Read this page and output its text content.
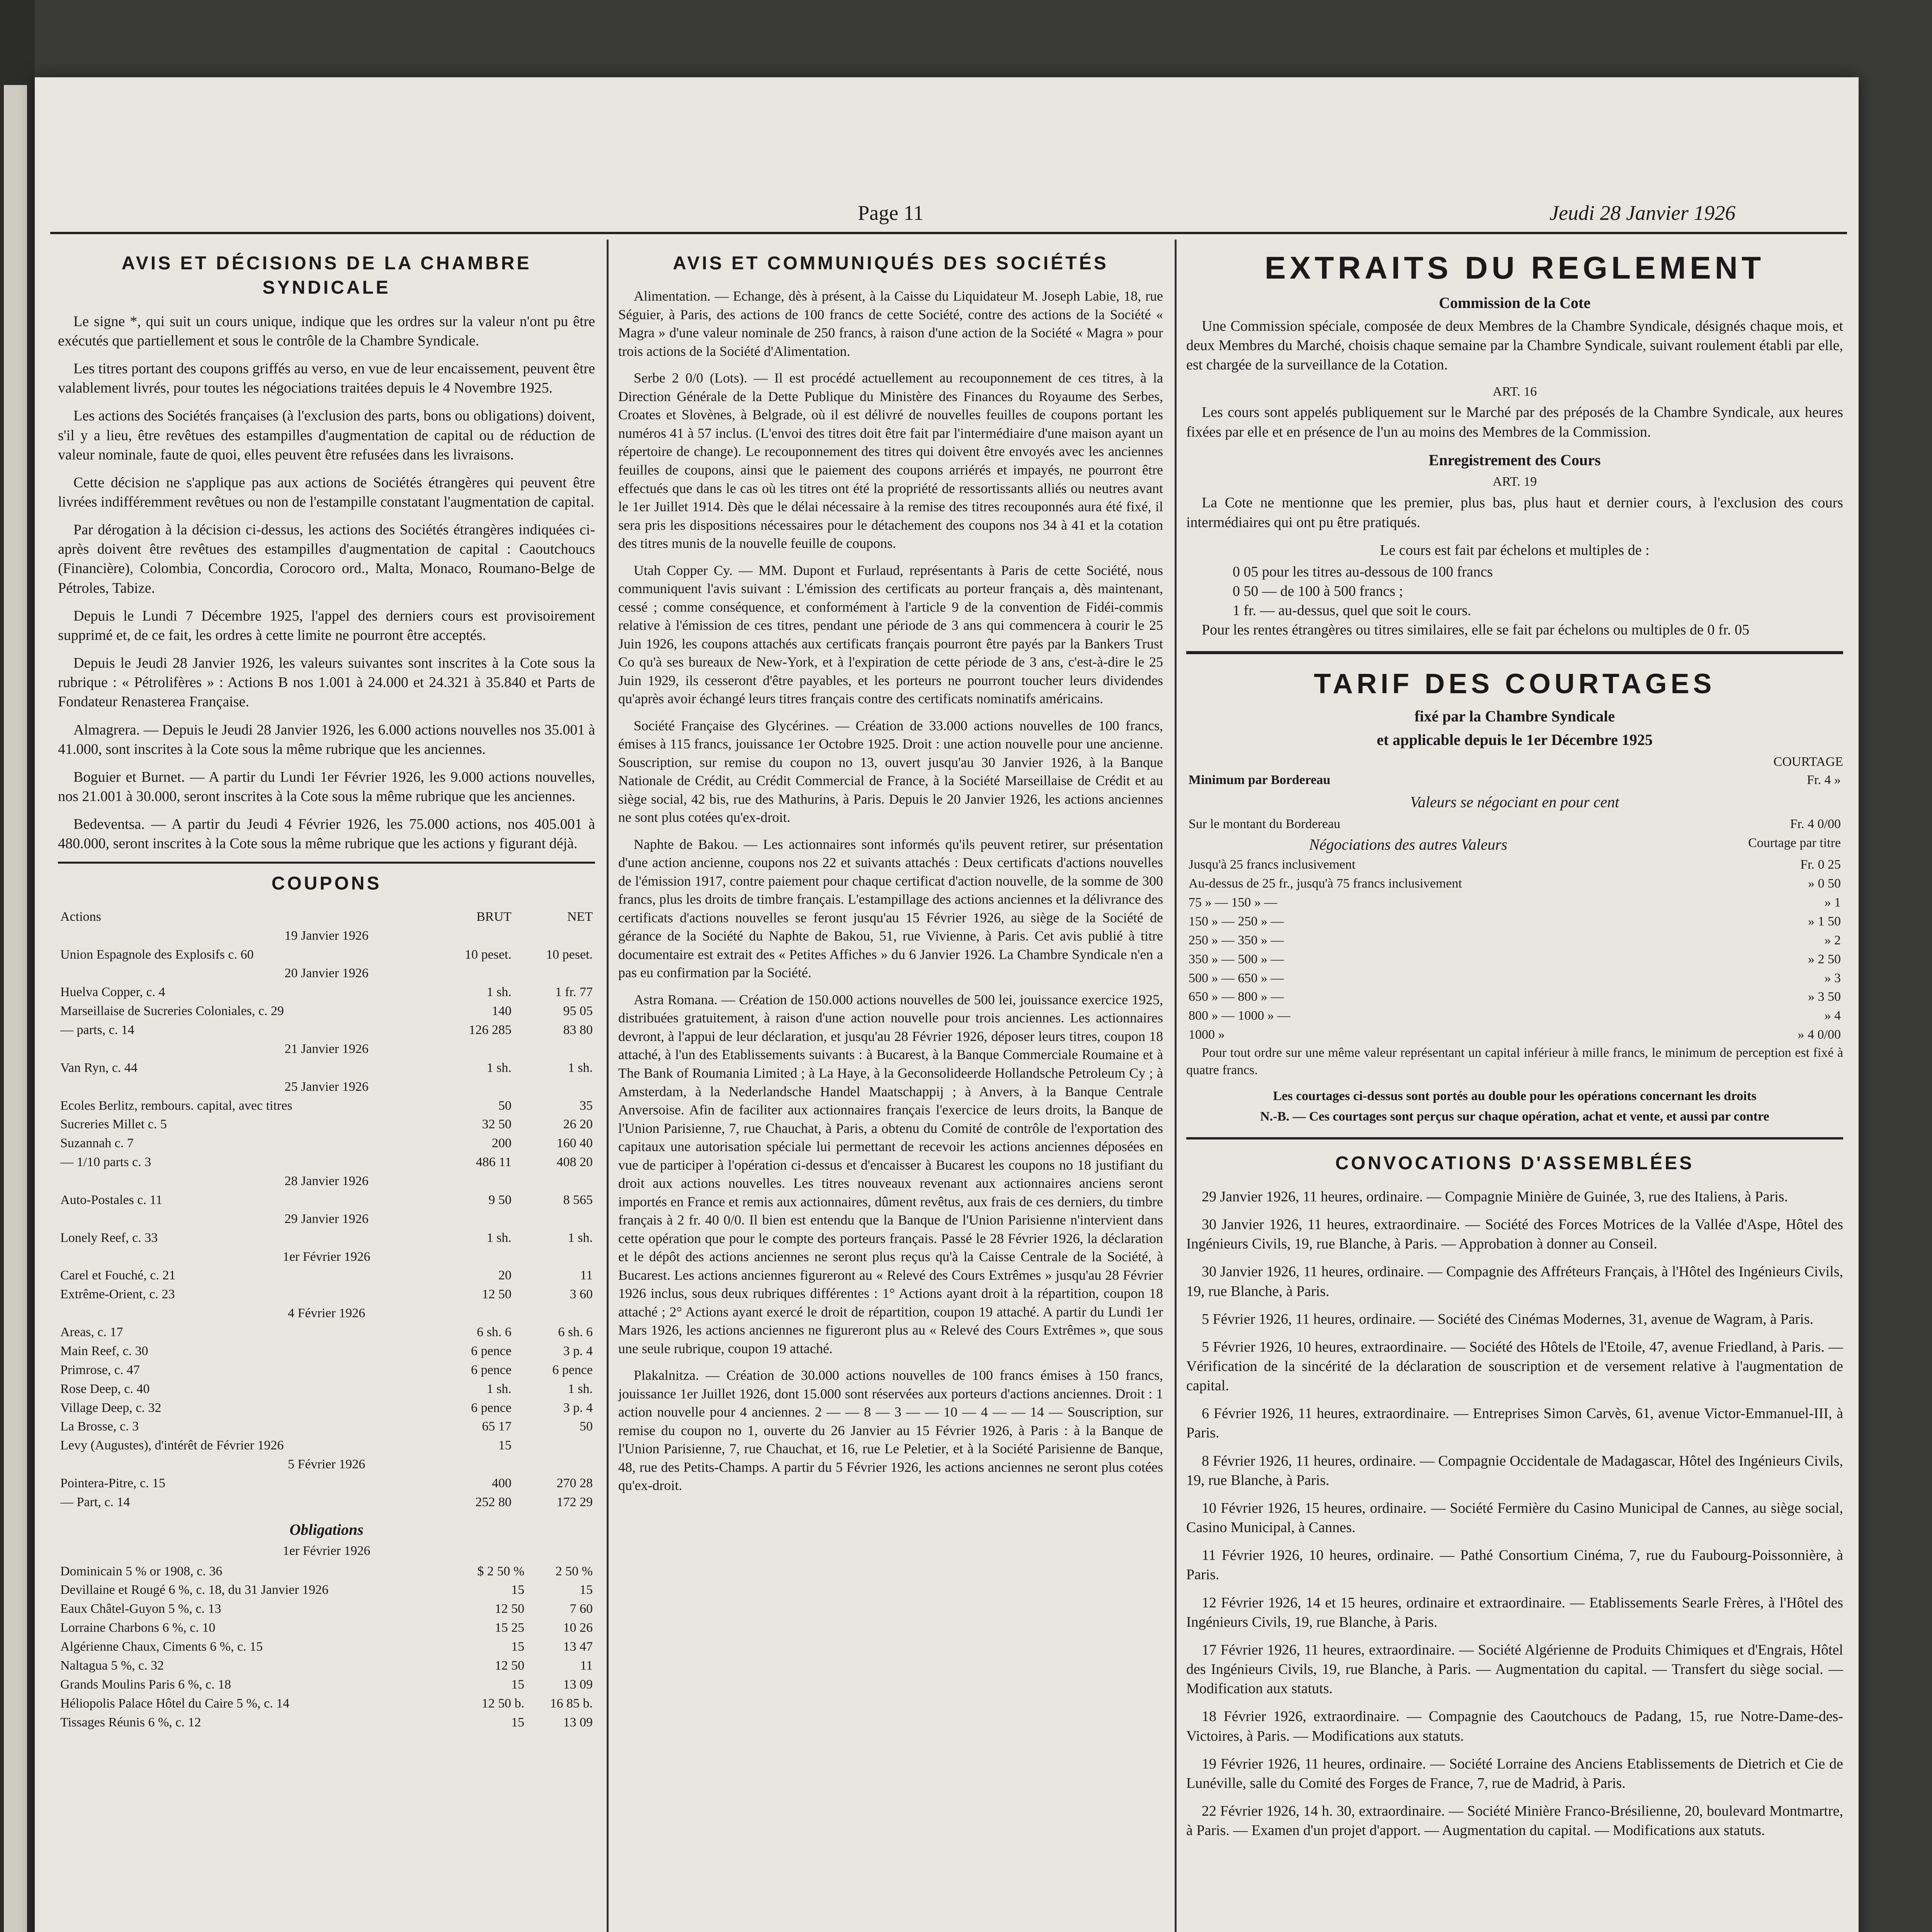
Page 11	Jeudi 28 Janvier 1926
AVIS ET DÉCISIONS DE LA CHAMBRE SYNDICALE

Le signe *, qui suit un cours unique, indique que les ordres sur la valeur n'ont pu être exécutés que partiellement et sous le contrôle de la Chambre Syndicale.

Les titres portant des coupons griffés au verso, en vue de leur encaissement, peuvent être valablement livrés, pour toutes les négociations traitées depuis le 4 Novembre 1925.

Les actions des Sociétés françaises (à l'exclusion des parts, bons ou obligations) doivent, s'il y a lieu, être revêtues des estampilles d'augmentation de capital ou de réduction de valeur nominale, faute de quoi, elles peuvent être refusées dans les livraisons.

Cette décision ne s'applique pas aux actions de Sociétés étrangères qui peuvent être livrées indifféremment revêtues ou non de l'estampille constatant l'augmentation de capital.

Par dérogation à la décision ci-dessus, les actions des Sociétés étrangères indiquées ci-après doivent être revêtues des estampilles d'augmentation de capital : Caoutchoucs (Financière), Colombia, Concordia, Corocoro ord., Malta, Monaco, Roumano-Belge de Pétroles, Tabize.

Depuis le Lundi 7 Décembre 1925, l'appel des derniers cours est provisoirement supprimé et, de ce fait, les ordres à cette limite ne pourront être acceptés.

Depuis le Jeudi 28 Janvier 1926, les valeurs suivantes sont inscrites à la Cote sous la rubrique : « Pétrolifères » : Actions B nos 1.001 à 24.000 et 24.321 à 35.840 et Parts de Fondateur Renasterea Française.

Almagrera. — Depuis le Jeudi 28 Janvier 1926, les 6.000 actions nouvelles nos 35.001 à 41.000, sont inscrites à la Cote sous la même rubrique que les anciennes.

Boguier et Burnet. — A partir du Lundi 1er Février 1926, les 9.000 actions nouvelles, nos 21.001 à 30.000, seront inscrites à la Cote sous la même rubrique que les anciennes.

Bedeventsa. — A partir du Jeudi 4 Février 1926, les 75.000 actions, nos 405.001 à 480.000, seront inscrites à la Cote sous la même rubrique que les actions y figurant déjà.

COUPONS
Actions	BRUT	NET
19 Janvier 1926		
Union Espagnole des Explosifs c. 60	10 peset.	10 peset.
20 Janvier 1926		
Huelva Copper, c. 4	1 sh.	1 fr. 77
Marseillaise de Sucreries Coloniales, c. 29	140	95 05
— parts, c. 14	126 285	83 80
21 Janvier 1926		
Van Ryn, c. 44	1 sh.	1 sh.
25 Janvier 1926		
Ecoles Berlitz, rembours. capital, avec titres	50	35
Sucreries Millet c. 5	32 50	26 20
Suzannah c. 7	200	160 40
— 1/10 parts c. 3	486 11	408 20
28 Janvier 1926		
Auto-Postales c. 11	9 50	8 565
29 Janvier 1926		
Lonely Reef, c. 33	1 sh.	1 sh.
1er Février 1926		
Carel et Fouché, c. 21	20	11
Extrême-Orient, c. 23	12 50	3 60
4 Février 1926		
Areas, c. 17	6 sh. 6	6 sh. 6
Main Reef, c. 30	6 pence	3 p. 4
Primrose, c. 47	6 pence	6 pence
Rose Deep, c. 40	1 sh.	1 sh.
Village Deep, c. 32	6 pence	3 p. 4
La Brosse, c. 3	65 17	50
Levy (Augustes), d'intérêt de Février 1926	15	
5 Février 1926		
Pointera-Pitre, c. 15	400	270 28
— Part, c. 14	252 80	172 29
Obligations
1er Février 1926
Dominicain 5 % or 1908, c. 36	$ 2 50 %	2 50 %
Devillaine et Rougé 6 %, c. 18, du 31 Janvier 1926	15	15
Eaux Châtel-Guyon 5 %, c. 13	12 50	7 60
Lorraine Charbons 6 %, c. 10	15 25	10 26
Algérienne Chaux, Ciments 6 %, c. 15	15	13 47
Naltagua 5 %, c. 32	12 50	11
Grands Moulins Paris 6 %, c. 18	15	13 09
Héliopolis Palace Hôtel du Caire 5 %, c. 14	12 50 b.	16 85 b.
Tissages Réunis 6 %, c. 12	15	13 09
AVIS ET COMMUNIQUÉS DES SOCIÉTÉS

Alimentation. — Echange, dès à présent, à la Caisse du Liquidateur M. Joseph Labie, 18, rue Séguier, à Paris, des actions de 100 francs de cette Société, contre des actions de la Société « Magra » d'une valeur nominale de 250 francs, à raison d'une action de la Société « Magra » pour trois actions de la Société d'Alimentation.

Serbe 2 0/0 (Lots). — Il est procédé actuellement au recouponnement de ces titres, à la Direction Générale de la Dette Publique du Ministère des Finances du Royaume des Serbes, Croates et Slovènes, à Belgrade, où il est délivré de nouvelles feuilles de coupons portant les numéros 41 à 57 inclus. (L'envoi des titres doit être fait par l'intermédiaire d'une maison ayant un répertoire de change). Le recouponnement des titres qui doivent être envoyés avec les anciennes feuilles de coupons, ainsi que le paiement des coupons arriérés et impayés, ne pourront être effectués que dans le cas où les titres ont été la propriété de ressortissants alliés ou neutres avant le 1er Juillet 1914. Dès que le délai nécessaire à la remise des titres recouponnés aura été fixé, il sera pris les dispositions nécessaires pour le détachement des coupons nos 34 à 41 et la cotation des titres munis de la nouvelle feuille de coupons.

Utah Copper Cy. — MM. Dupont et Furlaud, représentants à Paris de cette Société, nous communiquent l'avis suivant : L'émission des certificats au porteur français a, dès maintenant, cessé ; comme conséquence, et conformément à l'article 9 de la convention de Fidéi-commis relative à l'émission de ces titres, pendant une période de 3 ans qui commencera à courir le 25 Juin 1926, les coupons attachés aux certificats français pourront être payés par la Bankers Trust Co qu'à ses bureaux de New-York, et à l'expiration de cette période de 3 ans, c'est-à-dire le 25 Juin 1929, ils cesseront d'être payables, et les porteurs ne pourront toucher leurs dividendes qu'après avoir échangé leurs titres français contre des certificats nominatifs américains.

Société Française des Glycérines. — Création de 33.000 actions nouvelles de 100 francs, émises à 115 francs, jouissance 1er Octobre 1925. Droit : une action nouvelle pour une ancienne. Souscription, sur remise du coupon no 13, ouvert jusqu'au 30 Janvier 1926, à la Banque Nationale de Crédit, au Crédit Commercial de France, à la Société Marseillaise de Crédit et au siège social, 42 bis, rue des Mathurins, à Paris. Depuis le 20 Janvier 1926, les actions anciennes ne sont plus cotées qu'ex-droit.

Naphte de Bakou. — Les actionnaires sont informés qu'ils peuvent retirer, sur présentation d'une action ancienne, coupons nos 22 et suivants attachés : Deux certificats d'actions nouvelles de l'émission 1917, contre paiement pour chaque certificat d'action nouvelle, de la somme de 300 francs, plus les droits de timbre français. L'estampillage des actions anciennes et la délivrance des certificats d'actions nouvelles se feront jusqu'au 15 Février 1926, au siège de la Société de gérance de la Société du Naphte de Bakou, 51, rue Vivienne, à Paris. Cet avis publié à titre documentaire est extrait des « Petites Affiches » du 6 Janvier 1926. La Chambre Syndicale n'en a pas eu confirmation par la Société.

Astra Romana. — Création de 150.000 actions nouvelles de 500 lei, jouissance exercice 1925, distribuées gratuitement, à raison d'une action nouvelle pour trois anciennes. Les actionnaires devront, à l'appui de leur déclaration, et jusqu'au 28 Février 1926, déposer leurs titres, coupon 18 attaché, à l'un des Etablissements suivants : à Bucarest, à la Banque Commerciale Roumaine et à The Bank of Roumania Limited ; à La Haye, à la Geconsolideerde Hollandsche Petroleum Cy ; à Amsterdam, à la Nederlandsche Handel Maatschappij ; à Anvers, à la Banque Centrale Anversoise. Afin de faciliter aux actionnaires français l'exercice de leurs droits, la Banque de l'Union Parisienne, 7, rue Chauchat, à Paris, a obtenu du Comité de contrôle de l'exportation des capitaux une autorisation spéciale lui permettant de recevoir les actions anciennes déposées en vue de participer à l'opération ci-dessus et d'encaisser à Bucarest les coupons no 18 justifiant du droit aux actions nouvelles. Les titres nouveaux revenant aux actionnaires anciens seront importés en France et remis aux actionnaires, dûment revêtus, aux frais de ces derniers, du timbre français à 2 fr. 40 0/0. Il bien est entendu que la Banque de l'Union Parisienne n'intervient dans cette opération que pour le compte des porteurs français. Passé le 28 Février 1926, la déclaration et le dépôt des actions anciennes ne seront plus reçus qu'à la Caisse Centrale de la Société, à Bucarest. Les actions anciennes figureront au « Relevé des Cours Extrêmes » jusqu'au 28 Février 1926 inclus, sous deux rubriques différentes : 1° Actions ayant droit à la répartition, coupon 18 attaché ; 2° Actions ayant exercé le droit de répartition, coupon 19 attaché. A partir du Lundi 1er Mars 1926, les actions anciennes ne figureront plus au « Relevé des Cours Extrêmes », que sous une seule rubrique, coupon 19 attaché.

Plakalnitza. — Création de 30.000 actions nouvelles de 100 francs émises à 150 francs, jouissance 1er Juillet 1926, dont 15.000 sont réservées aux porteurs d'actions anciennes. Droit : 1 action nouvelle pour 4 anciennes. 2 — — 8 — 3 — — 10 — 4 — — 14 — Souscription, sur remise du coupon no 1, ouverte du 26 Janvier au 15 Février 1926, à Paris : à la Banque de l'Union Parisienne, 7, rue Chauchat, et 16, rue Le Peletier, et à la Société Parisienne de Banque, 48, rue des Petits-Champs. A partir du 5 Février 1926, les actions anciennes ne seront plus cotées qu'ex-droit.

EXTRAITS DU REGLEMENT
Commission de la Cote

Une Commission spéciale, composée de deux Membres de la Chambre Syndicale, désignés chaque mois, et deux Membres du Marché, choisis chaque semaine par la Chambre Syndicale, suivant roulement établi par elle, est chargée de la surveillance de la Cotation.

ART. 16

Les cours sont appelés publiquement sur le Marché par des préposés de la Chambre Syndicale, aux heures fixées par elle et en présence de l'un au moins des Membres de la Commission.

Enregistrement des Cours
ART. 19

La Cote ne mentionne que les premier, plus bas, plus haut et dernier cours, à l'exclusion des cours intermédiaires qui ont pu être pratiqués.

Le cours est fait par échelons et multiples de :
0 05 pour les titres au-dessous de 100 francs
0 50 — de 100 à 500 francs ;
1 fr. — au-dessus, quel que soit le cours.

Pour les rentes étrangères ou titres similaires, elle se fait par échelons ou multiples de 0 fr. 05

TARIF DES COURTAGES
fixé par la Chambre Syndicale
et applicable depuis le 1er Décembre 1925
COURTAGE
Minimum par Bordereau	Fr. 4 »
Valeurs se négociant en pour cent
Sur le montant du Bordereau	Fr. 4 0/00
Négociations des autres Valeurs	Courtage par titre
Jusqu'à 25 francs inclusivement	Fr. 0 25
Au-dessus de 25 fr., jusqu'à 75 francs inclusivement	» 0 50
75 » — 150 » —	» 1
150 » — 250 » —	» 1 50
250 » — 350 » —	» 2
350 » — 500 » —	» 2 50
500 » — 650 » —	» 3
650 » — 800 » —	» 3 50
800 » — 1000 » —	» 4
1000 »	» 4 0/00

Pour tout ordre sur une même valeur représentant un capital inférieur à mille francs, le minimum de perception est fixé à quatre francs.

Les courtages ci-dessus sont portés au double pour les opérations concernant les droits
N.-B. — Ces courtages sont perçus sur chaque opération, achat et vente, et aussi par contre
CONVOCATIONS D'ASSEMBLÉES

29 Janvier 1926, 11 heures, ordinaire. — Compagnie Minière de Guinée, 3, rue des Italiens, à Paris.

30 Janvier 1926, 11 heures, extraordinaire. — Société des Forces Motrices de la Vallée d'Aspe, Hôtel des Ingénieurs Civils, 19, rue Blanche, à Paris. — Approbation à donner au Conseil.

30 Janvier 1926, 11 heures, ordinaire. — Compagnie des Affréteurs Français, à l'Hôtel des Ingénieurs Civils, 19, rue Blanche, à Paris.

5 Février 1926, 11 heures, ordinaire. — Société des Cinémas Modernes, 31, avenue de Wagram, à Paris.

5 Février 1926, 10 heures, extraordinaire. — Société des Hôtels de l'Etoile, 47, avenue Friedland, à Paris. — Vérification de la sincérité de la déclaration de souscription et de versement relative à l'augmentation de capital.

6 Février 1926, 11 heures, extraordinaire. — Entreprises Simon Carvès, 61, avenue Victor-Emmanuel-III, à Paris.

8 Février 1926, 11 heures, ordinaire. — Compagnie Occidentale de Madagascar, Hôtel des Ingénieurs Civils, 19, rue Blanche, à Paris.

10 Février 1926, 15 heures, ordinaire. — Société Fermière du Casino Municipal de Cannes, au siège social, Casino Municipal, à Cannes.

11 Février 1926, 10 heures, ordinaire. — Pathé Consortium Cinéma, 7, rue du Faubourg-Poissonnière, à Paris.

12 Février 1926, 14 et 15 heures, ordinaire et extraordinaire. — Etablissements Searle Frères, à l'Hôtel des Ingénieurs Civils, 19, rue Blanche, à Paris.

17 Février 1926, 11 heures, extraordinaire. — Société Algérienne de Produits Chimiques et d'Engrais, Hôtel des Ingénieurs Civils, 19, rue Blanche, à Paris. — Augmentation du capital. — Transfert du siège social. — Modification aux statuts.

18 Février 1926, extraordinaire. — Compagnie des Caoutchoucs de Padang, 15, rue Notre-Dame-des-Victoires, à Paris. — Modifications aux statuts.

19 Février 1926, 11 heures, ordinaire. — Société Lorraine des Anciens Etablissements de Dietrich et Cie de Lunéville, salle du Comité des Forges de France, 7, rue de Madrid, à Paris.

22 Février 1926, 14 h. 30, extraordinaire. — Société Minière Franco-Brésilienne, 20, boulevard Montmartre, à Paris. — Examen d'un projet d'apport. — Augmentation du capital. — Modifications aux statuts.
